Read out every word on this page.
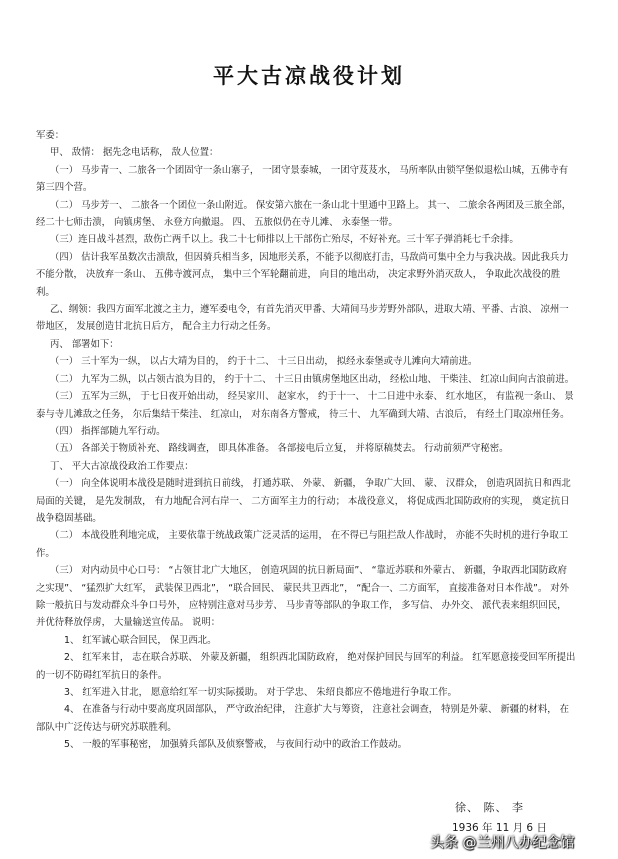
平大古凉战役计划

军委：

甲、 敌情： 据先念电话称， 敌人位置：

（一） 马步青一、二旅各一个团固守一条山寨子， 一团守景泰城， 一团守芨芨水， 马所率队由锁罕堡似退松山城，五佛寺有第三四个营。

（二） 马步芳一、 二旅各一个团位一条山附近。 保安第六旅在一条山北十里通中卫路上。 其一、 二旅余各两团及三旅全部， 经二十七师击溃， 向镇虏堡、 永登方向撤退。 四、 五旅似仍在寺儿滩、 永泰堡一带。

（三）连日战斗甚烈，敌伤亡两千以上。我二十七师排以上干部伤亡殆尽，不好补充。三十军子弹消耗七千余排。

（四） 估计我军虽数次击溃敌，但因骑兵相当多，因地形关系，不能予以彻底打击，马敌尚可集中全力与我决战。因此我兵力不能分散， 决放弃一条山、 五佛寺渡河点， 集中三个军轮翻前进， 向目的地出动， 决定求野外消灭敌人， 争取此次战役的胜利。

乙、纲领：我四方面军北渡之主力，遵军委电令，有首先消灭甲番、大靖间马步芳野外部队，进取大靖、平番、古浪、 凉州一带地区， 发展创造甘北抗日后方， 配合主力行动之任务。

丙、 部署如下：

（一） 三十军为一纵， 以占大靖为目的， 约于十二、 十三日出动， 拟经永泰堡或寺儿滩向大靖前进。

（二） 九军为二纵，以占领古浪为目的， 约于十二、 十三日由镇虏堡地区出动， 经松山地、 干柴洼、 红凉山间向古浪前进。

（三） 五军为三纵， 于七日夜开始出动， 经吴家川、 赵家水， 约于十一、 十二日进中永泰、 红水地区， 有监视一条山、 景泰与寺儿滩敌之任务， 尔后集结干柴洼、 红凉山， 对东南各方警戒， 待三十、 九军确到大靖、古浪后， 有经土门取凉州任务。

（四） 指挥部随九军行动。

（五） 各部关于物质补充、 路线调查， 即具体准备。 各部接电后立复， 并将原稿焚去。 行动前须严守秘密。

丁、 平大古凉战役政治工作要点：

（一） 向全体说明本战役是随时进到抗日前线， 打通苏联、 外蒙、 新疆， 争取广大回、 蒙、 汉群众， 创造巩固抗日和西北局面的关键， 是先发制敌， 有力地配合河右岸一、 二方面军主力的行动； 本战役意义， 将促成西北国防政府的实现， 奠定抗日战争稳固基础。

（二） 本战役胜利地完成， 主要依靠于统战政策广泛灵活的运用， 在不得已与阻拦敌人作战时， 亦能不失时机的进行争取工作。

（三） 对内动员中心口号： “占领甘北广大地区， 创造巩固的抗日新局面”、 “靠近苏联和外蒙古、 新疆，争取西北国防政府之实现”、 “猛烈扩大红军， 武装保卫西北”， “联合回民、 蒙民共卫西北”， “配合一、二方面军， 直接准备对日本作战”。 对外除一般抗日与发动群众斗争口号外， 应特别注意对马步芳、 马步青等部队的争取工作， 多写信、 办外交、 派代表来组织回民， 并优待释放俘虏， 大量输送宣传品。 说明：

1、 红军诚心联合回民， 保卫西北。

2、 红军来甘， 志在联合苏联、 外蒙及新疆， 组织西北国防政府， 绝对保护回民与回军的利益。 红军愿意接受回军所提出的一切不防碍红军抗日的条件。

3、 红军进入甘北， 愿意给红军一切实际援助。 对于学忠、 朱绍良都应不倦地进行争取工作。

4、 在准备与行动中要高度巩固部队， 严守政治纪律， 注意扩大与筹资， 注意社会调查， 特别是外蒙、 新疆的材料， 在部队中广泛传达与研究苏联胜利。

5、 一般的军事秘密， 加强骑兵部队及侦察警戒， 与夜间行动中的政治工作鼓动。

徐、 陈、 李
1936 年 11 月 6 日
头条 @兰州八办纪念馆
